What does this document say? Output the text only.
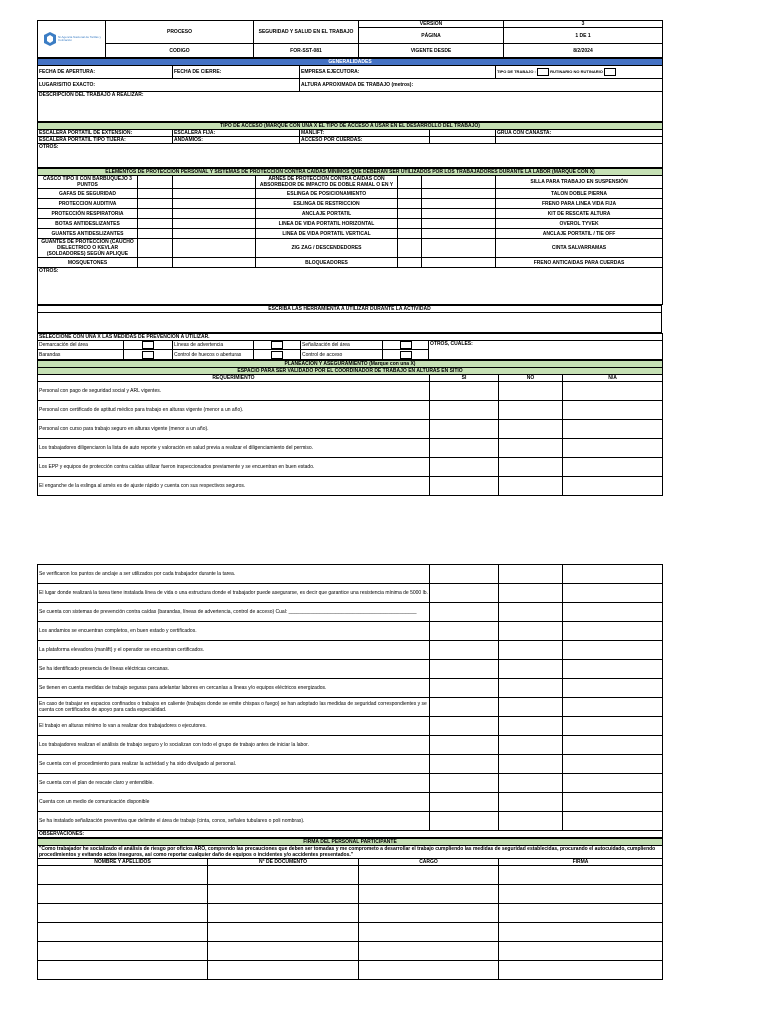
Ni Agencia Nacional de Tarifas y Cotización	PROCESO	SEGURIDAD Y SALUD EN EL TRABAJO	VERSIÓN	3
			PÁGINA	1 DE 1
	CODIGO	FOR-SST-081	VIGENTE DESDE	8/2/2024
GENERALIDADES			
FECHA DE APERTURA:	FECHA DE CIERRE:	EMPRESA EJECUTORA:	TIPO DE TRABAJO : RUTINARIO NO RUTINARIO
LUGAR/SITIO EXACTO:		ALTURA APROXIMADA DE TRABAJO (metros):	
DESCRIPCIÓN DEL TRABAJO A REALIZAR:			
TIPO DE ACCESO (MARQUE CON UNA X EL TIPO DE ACCESO A USAR EN EL DESARROLLO DEL TRABAJO)				
ESCALERA PORTATIL DE EXTENSIÓN:	ESCALERA FIJA:	MANLIFT:		GRÚA CON CANASTA:
ESCALERA PORTATIL TIPO TIJERA:	ANDAMIOS:	ACCESO POR CUERDAS:		
OTROS:				
ELEMENTOS DE PROTECCIÓN PERSONAL Y SISTEMAS DE PROTECCIÓN CONTRA CAÍDAS MÍNIMOS QUE DEBERÁN SER UTILIZADOS POR LOS TRABAJADORES DURANTE LA LABOR (MARQUE CON X)						
CASCO TIPO II CON BARBUQUEJO 3 PUNTOS			ARNÉS DE PROTECCIÓN CONTRA CAÍDAS CON ABSORBEDOR DE IMPACTO DE DOBLE RAMAL O EN Y			SILLA PARA TRABAJO EN SUSPENSIÓN
GAFAS DE SEGURIDAD			ESLINGA DE POSICIONAMIENTO			TALON DOBLE PIERNA
PROTECCION AUDITIVA			ESLINGA DE RESTRICCION			FRENO PARA LINEA VIDA FIJA
PROTECCIÓN RESPIRATORIA			ANCLAJE PORTATIL			KIT DE RESCATE ALTURA
BOTAS ANTIDESLIZANTES			LINEA DE VIDA PORTATIL HORIZONTAL			OVEROL TYVEK
GUANTES ANTIDESLIZANTES			LINEA DE VIDA PORTATIL VERTICAL			ANCLAJE PORTATIL / TIE OFF
GUANTES DE PROTECCIÓN (CAUCHO DIELECTRICO O KEVLAR (SOLDADORES) SEGÚN APLIQUE			ZIG ZAG / DESCENDEDORES			CINTA SALVARRAMAS
MOSQUETONES			BLOQUEADORES			FRENO ANTICAIDAS PARA CUERDAS
OTROS:						
ESCRIBA LAS HERRAMIENTA A UTILIZAR DURANTE LA ACTIVIDAD

SELECCIONE CON UNA X LAS MEDIDAS DE PREVENCIÓN A UTILIZAR.						
Demarcación del área		Líneas de advertencia		Señalización del área		OTROS, CUALES:
Barandas		Control de huecos o aberturas		Control de acceso		
PLANEACIÓN Y ASEGURAMIENTO (Marque con una X)			
ESPACIO PARA SER VALIDADO POR EL COORDINADOR DE TRABAJO EN ALTURAS EN SITIO			
REQUERIMIENTO	SI	NO	N/A
Personal con pago de seguridad social y ARL vigentes.			
Personal con certificado de aptitud médico para trabajo en alturas vigente (menor a un año).			
Personal con curso para trabajo seguro en alturas vigente (menor a un año).			
Los trabajadores diligenciaron la lista de auto reporte y valoración en salud previa a realizar el diligenciamiento del permiso.			
Los EPP y equipos de protección contra caídas utilizar fueron inspeccionados previamente y se encuentran en buen estado.			
El enganche de la eslinga al arnés es de ajuste rápido y cuenta con sus respectivos seguros.			
Se verificaron los puntos de anclaje a ser utilizados por cada trabajador durante la tarea.			
El lugar donde realizará la tarea tiene instalada línea de vida o una estructura donde el trabajador puede asegurarse, es decir que garantice una resistencia mínima de 5000 lb.			
Se cuenta con sistemas de prevención contra caídas (barandas, líneas de advertencia, control de acceso) Cual: ______________________________________________			
Los andamios se encuentran completos, en buen estado y certificados.			
La plataforma elevadora (manlift) y el operador se encuentran certificados.			
Se ha identificado presencia de líneas eléctricas cercanas.			
Se tienen en cuenta medidas de trabajo seguras para adelantar labores en cercanías a líneas y/o equipos eléctricos energizados.			
En caso de trabajar en espacios confinados o trabajos en caliente (trabajos donde se emite chispas o fuego) se han adoptado las medidas de seguridad correspondientes y se cuenta con certificados de apoyo para cada especialidad.			
El trabajo en alturas mínimo lo van a realizar dos trabajadores o ejecutores.			
Los trabajadores realizan el análisis de trabajo seguro y lo socializan con todo el grupo de trabajo antes de iniciar la labor.			
Se cuenta con el procedimiento para realizar la actividad y ha sido divulgado al personal.			
Se cuenta con el plan de rescate claro y entendible.			
Cuenta con un medio de comunicación disponible			
Se ha instalado señalización preventiva que delimite el área de trabajo (cinta, conos, señales tubulares o poli nombras).			
OBSERVACIONES:			
FIRMA DEL PERSONAL PARTICIPANTE			
"Como trabajador he socializado el análisis de riesgo por oficios ARO, comprendo las precauciones que deben ser tomadas y me comprometo a desarrollar el trabajo cumpliendo las medidas de seguridad establecidas, procurando el autocuidado, cumpliendo procedimientos y evitando actos inseguros, así como reportar cualquier daño de equipos o incidentes y/o accidentes presentados."			
NOMBRE Y APELLIDOS	N° DE DOCUMENTO	CARGO	FIRMA
